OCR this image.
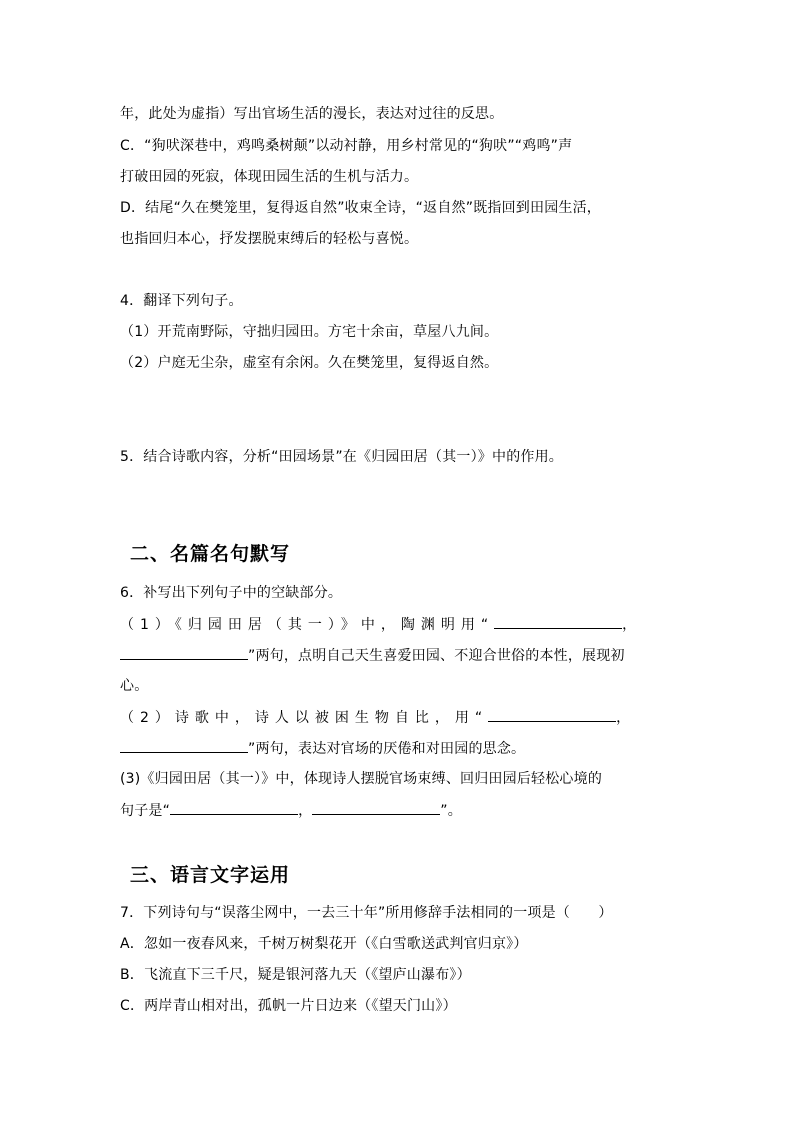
年，此处为虚指）写出官场生活的漫长，表达对过往的反思。
C．“狗吠深巷中，鸡鸣桑树颠”以动衬静，用乡村常见的“狗吠”“鸡鸣”声
打破田园的死寂，体现田园生活的生机与活力。
D．结尾“久在樊笼里，复得返自然”收束全诗，“返自然”既指回到田园生活，
也指回归本心，抒发摆脱束缚后的轻松与喜悦。
4．翻译下列句子。
（1）开荒南野际，守拙归园田。方宅十余亩，草屋八九间。
（2）户庭无尘杂，虚室有余闲。久在樊笼里，复得返自然。
5．结合诗歌内容，分析“田园场景”在《归园田居（其一）》中的作用。
二、名篇名句默写
6．补写出下列句子中的空缺部分。
（1）《归园田居（其一）》中，陶渊明用“	，
”两句，点明自己天生喜爱田园、不迎合世俗的本性，展现初
心。
（2）诗歌中，诗人以被困生物自比，用“	，
”两句，表达对官场的厌倦和对田园的思念。
(3)《归园田居（其一）》中，体现诗人摆脱官场束缚、回归田园后轻松心境的
句子是“	，	”。
三、语言文字运用
7．下列诗句与“误落尘网中，一去三十年”所用修辞手法相同的一项是（　　）
A．忽如一夜春风来，千树万树梨花开（《白雪歌送武判官归京》）
B．飞流直下三千尺，疑是银河落九天（《望庐山瀑布》）
C．两岸青山相对出，孤帆一片日边来（《望天门山》）
